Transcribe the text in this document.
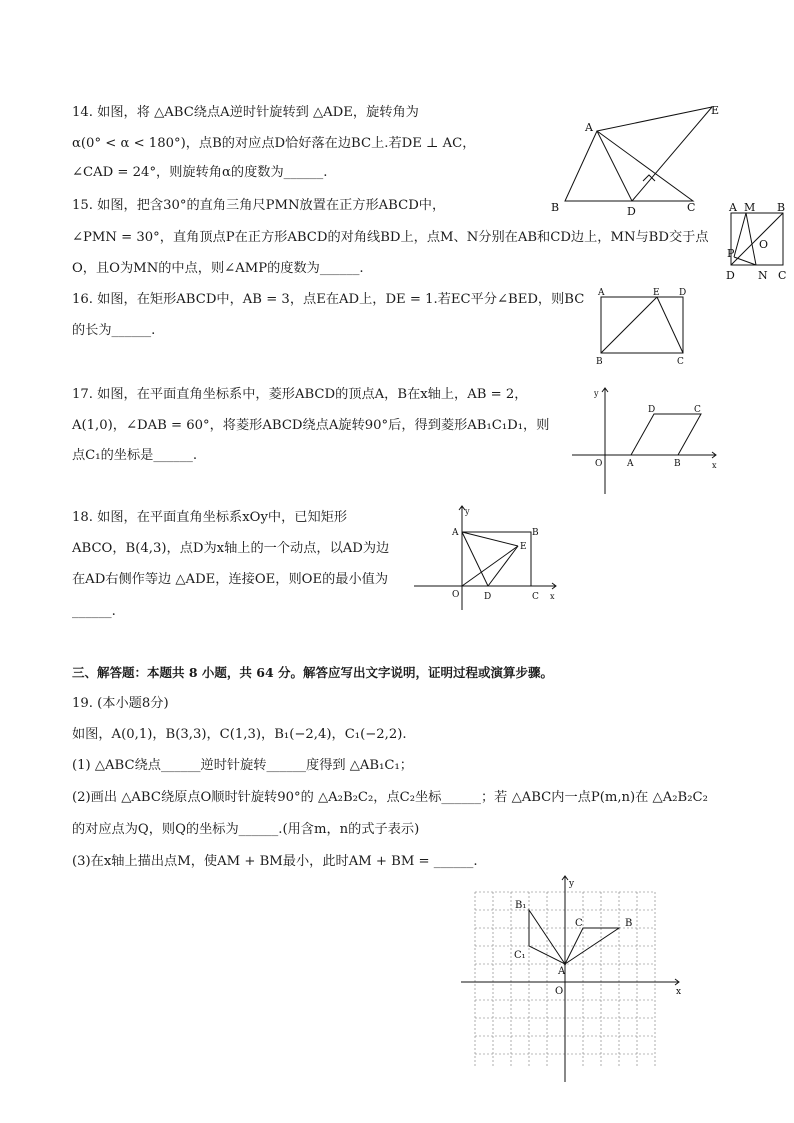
14. 如图，将 △ABC绕点A逆时针旋转到 △ADE，旋转角为
α(0° < α < 180°)，点B的对应点D恰好落在边BC上.若DE ⊥ AC，
∠CAD = 24°，则旋转角α的度数为______.
15. 如图，把含30°的直角三角尺PMN放置在正方形ABCD中，
∠PMN = 30°，直角顶点P在正方形ABCD的对角线BD上，点M、N分别在AB和CD边上，MN与BD交于点
O，且O为MN的中点，则∠AMP的度数为______.
16. 如图，在矩形ABCD中，AB = 3，点E在AD上，DE = 1.若EC平分∠BED，则BC
的长为______.
17. 如图，在平面直角坐标系中，菱形ABCD的顶点A，B在x轴上，AB = 2，
A(1,0)，∠DAB = 60°，将菱形ABCD绕点A旋转90°后，得到菱形AB₁C₁D₁，则
点C₁的坐标是______.
18. 如图，在平面直角坐标系xOy中，已知矩形
ABCO，B(4,3)，点D为x轴上的一个动点，以AD为边
在AD右侧作等边 △ADE，连接OE，则OE的最小值为
______.
三、解答题：本题共 8 小题，共 64 分。解答应写出文字说明，证明过程或演算步骤。
19. (本小题8分)
如图，A(0,1)，B(3,3)，C(1,3)，B₁(−2,4)，C₁(−2,2).
(1) △ABC绕点______逆时针旋转______度得到 △AB₁C₁；
(2)画出 △ABC绕原点O顺时针旋转90°的 △A₂B₂C₂，点C₂坐标______；若 △ABC内一点P(m,n)在 △A₂B₂C₂
的对应点为Q，则Q的坐标为______.(用含m，n的式子表示)
(3)在x轴上描出点M，使AM + BM最小，此时AM + BM = ______.
A
E
B	D	C	A M B
P
O
D N C
A	E D
B	C
y
D	C
O	A	B	x
y
A	B
E
O	D	C x
y
B₁
C	B
C₁
A
O	x
